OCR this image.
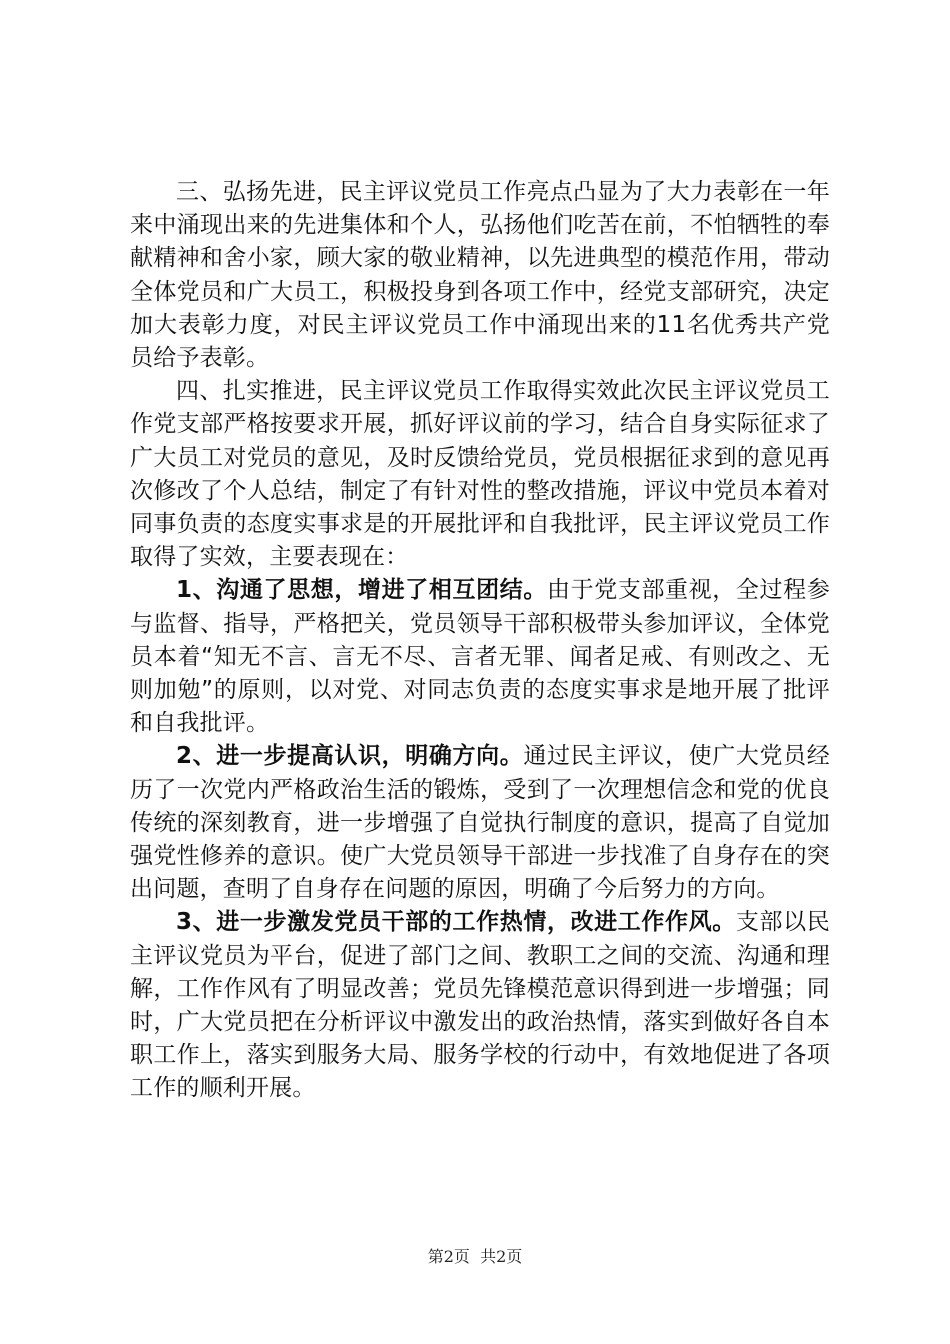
三、弘扬先进，民主评议党员工作亮点凸显为了大力表彰在一年来中涌现出来的先进集体和个人，弘扬他们吃苦在前，不怕牺牲的奉献精神和舍小家，顾大家的敬业精神，以先进典型的模范作用，带动全体党员和广大员工，积极投身到各项工作中，经党支部研究，决定加大表彰力度，对民主评议党员工作中涌现出来的11名优秀共产党员给予表彰。

四、扎实推进，民主评议党员工作取得实效此次民主评议党员工作党支部严格按要求开展，抓好评议前的学习，结合自身实际征求了广大员工对党员的意见，及时反馈给党员，党员根据征求到的意见再次修改了个人总结，制定了有针对性的整改措施，评议中党员本着对同事负责的态度实事求是的开展批评和自我批评，民主评议党员工作取得了实效，主要表现在：

1、沟通了思想，增进了相互团结。由于党支部重视，全过程参与监督、指导，严格把关，党员领导干部积极带头参加评议，全体党员本着“知无不言、言无不尽、言者无罪、闻者足戒、有则改之、无则加勉”的原则，以对党、对同志负责的态度实事求是地开展了批评和自我批评。

2、进一步提高认识，明确方向。通过民主评议，使广大党员经历了一次党内严格政治生活的锻炼，受到了一次理想信念和党的优良传统的深刻教育，进一步增强了自觉执行制度的意识，提高了自觉加强党性修养的意识。使广大党员领导干部进一步找准了自身存在的突出问题，查明了自身存在问题的原因，明确了今后努力的方向。

3、进一步激发党员干部的工作热情，改进工作作风。支部以民主评议党员为平台，促进了部门之间、教职工之间的交流、沟通和理解，工作作风有了明显改善；党员先锋模范意识得到进一步增强；同时，广大党员把在分析评议中激发出的政治热情，落实到做好各自本职工作上，落实到服务大局、服务学校的行动中，有效地促进了各项工作的顺利开展。

第2页  共2页
